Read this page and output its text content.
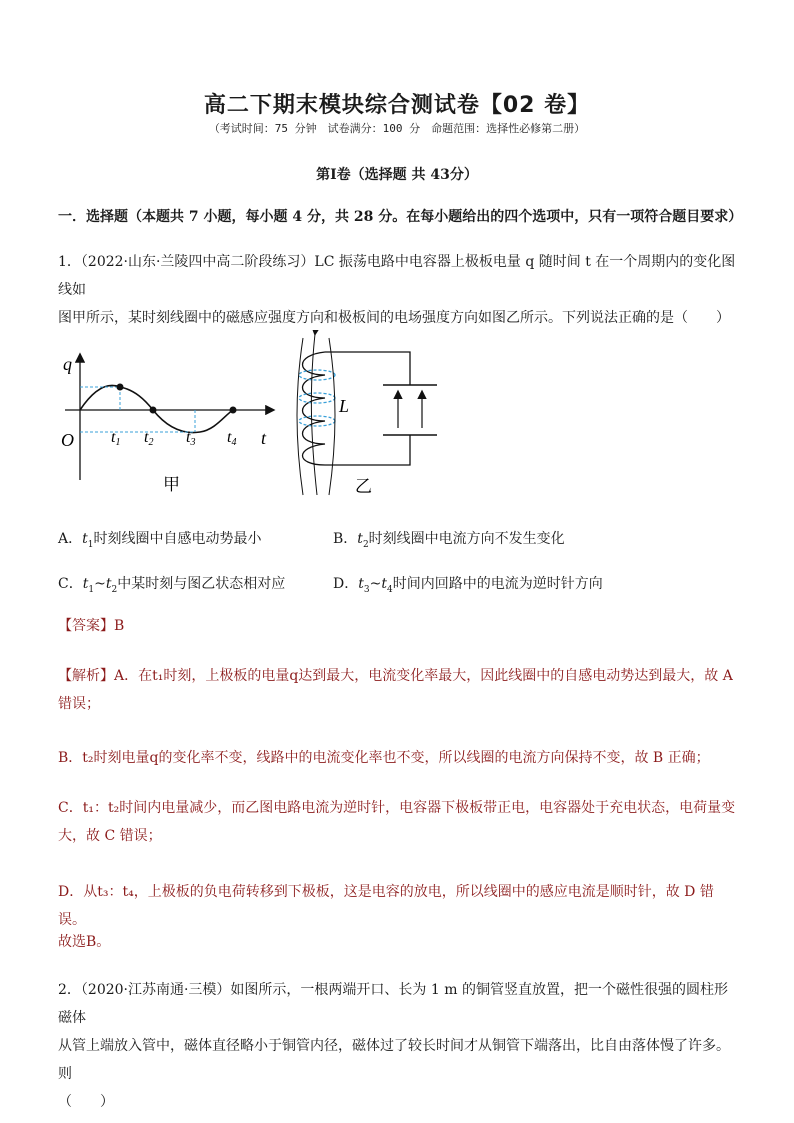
高二下期末模块综合测试卷【02 卷】
（考试时间：75 分钟　试卷满分：100 分　命题范围：选择性必修第二册）
第Ⅰ卷（选择题 共 43分）
一．选择题（本题共 7 小题，每小题 4 分，共 28 分。在每小题给出的四个选项中，只有一项符合题目要求）
1．（2022·山东·兰陵四中高二阶段练习）LC 振荡电路中电容器上极板电量 q 随时间 t 在一个周期内的变化图线如
图甲所示，某时刻线圈中的磁感应强度方向和极板间的电场强度方向如图乙所示。下列说法正确的是（　　）
q
O	t
t1 t2 t3 t4
甲
L
乙
A．$t_1$时刻线圈中自感电动势最小	B．$t_2$时刻线圈中电流方向不发生变化
C．$t_1\sim t_2$中某时刻与图乙状态相对应	D．$t_3\sim t_4$时间内回路中的电流为逆时针方向
【答案】B
【解析】A．在t₁时刻，上极板的电量q达到最大，电流变化率最大，因此线圈中的自感电动势达到最大，故 A
错误；
B．t₂时刻电量q的变化率不变，线路中的电流变化率也不变，所以线圈的电流方向保持不变，故 B 正确；
C．t₁：t₂时间内电量减少，而乙图电路电流为逆时针，电容器下极板带正电，电容器处于充电状态，电荷量变
大，故 C 错误；
D．从t₃：t₄，上极板的负电荷转移到下极板，这是电容的放电，所以线圈中的感应电流是顺时针，故 D 错误。
故选B。
2．（2020·江苏南通·三模）如图所示，一根两端开口、长为 1 m 的铜管竖直放置，把一个磁性很强的圆柱形磁体
从管上端放入管中，磁体直径略小于铜管内径，磁体过了较长时间才从铜管下端落出，比自由落体慢了许多。则
（　　）
